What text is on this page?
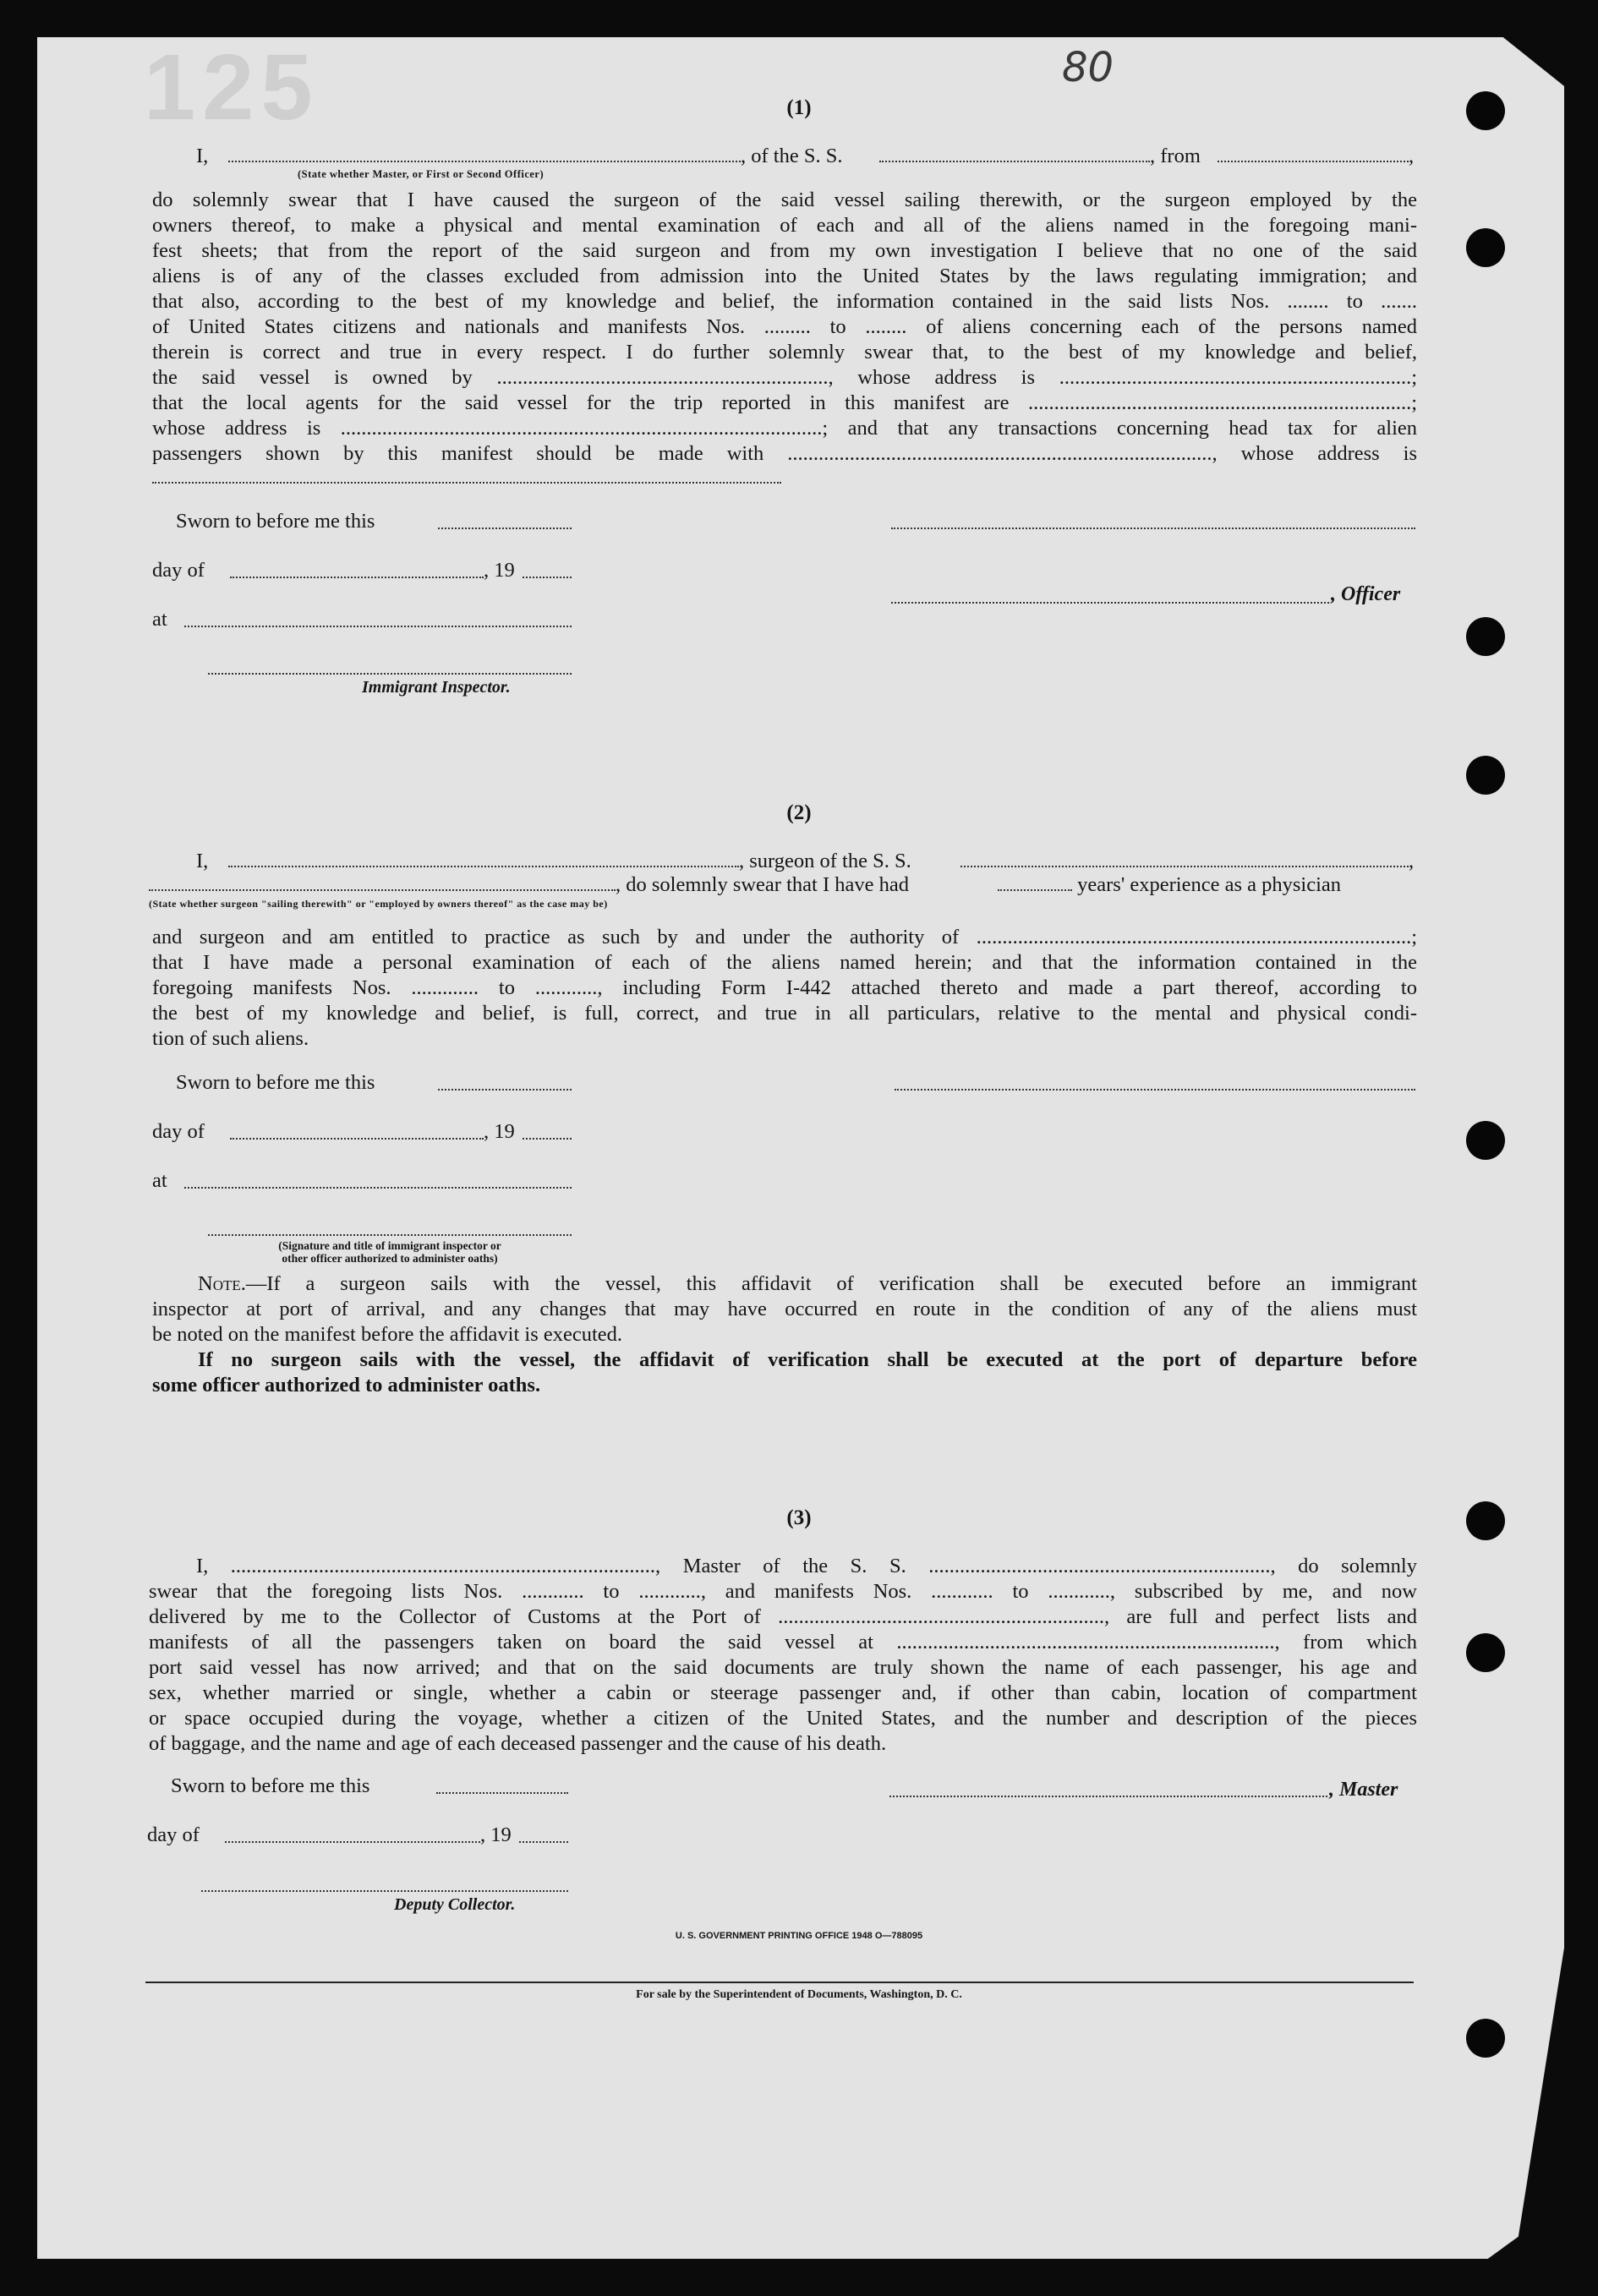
125	80
(1)
I,	, of the S. S.	, from	,
(State whether Master, or First or Second Officer)
do solemnly swear that I have caused the surgeon of the said vessel sailing therewith, or the surgeon employed by the
owners thereof, to make a physical and mental examination of each and all of the aliens named in the foregoing mani-
fest sheets; that from the report of the said surgeon and from my own investigation I believe that no one of the said
aliens is of any of the classes excluded from admission into the United States by the laws regulating immigration; and
that also, according to the best of my knowledge and belief, the information contained in the said lists Nos. ........ to .......
of United States citizens and nationals and manifests Nos. ......... to ........ of aliens concerning each of the persons named
therein is correct and true in every respect. I do further solemnly swear that, to the best of my knowledge and belief,
the said vessel is owned by ................................................................, whose address is ....................................................................;
that the local agents for the said vessel for the trip reported in this manifest are ..........................................................................;
whose address is .............................................................................................; and that any transactions concerning head tax for alien
passengers shown by this manifest should be made with .................................................................................., whose address is
Sworn to before me this
day of	, 19
, Officer
at
Immigrant Inspector.
(2)
I,	, surgeon of the S. S.	,
, do solemnly swear that I have had	years' experience as a physician
(State whether surgeon "sailing therewith" or "employed by owners thereof" as the case may be)
and surgeon and am entitled to practice as such by and under the authority of ....................................................................................;
that I have made a personal examination of each of the aliens named herein; and that the information contained in the
foregoing manifests Nos. ............. to ............, including Form I-442 attached thereto and made a part thereof, according to
the best of my knowledge and belief, is full, correct, and true in all particulars, relative to the mental and physical condi-
tion of such aliens.
Sworn to before me this
day of	, 19
at
(Signature and title of immigrant inspector or
other officer authorized to administer oaths)
Note.—If a surgeon sails with the vessel, this affidavit of verification shall be executed before an immigrant
inspector at port of arrival, and any changes that may have occurred en route in the condition of any of the aliens must
be noted on the manifest before the affidavit is executed.
If no surgeon sails with the vessel, the affidavit of verification shall be executed at the port of departure before
some officer authorized to administer oaths.
(3)
I, .................................................................................., Master of the S. S. .................................................................., do solemnly
swear that the foregoing lists Nos. ............ to ............, and manifests Nos. ............ to ............, subscribed by me, and now
delivered by me to the Collector of Customs at the Port of ..............................................................., are full and perfect lists and
manifests of all the passengers taken on board the said vessel at ........................................................................., from which
port said vessel has now arrived; and that on the said documents are truly shown the name of each passenger, his age and
sex, whether married or single, whether a cabin or steerage passenger and, if other than cabin, location of compartment
or space occupied during the voyage, whether a citizen of the United States, and the number and description of the pieces
of baggage, and the name and age of each deceased passenger and the cause of his death.
Sworn to before me this	, Master
day of	, 19
Deputy Collector.
U. S. GOVERNMENT PRINTING OFFICE 1948 O—788095
For sale by the Superintendent of Documents, Washington, D. C.
